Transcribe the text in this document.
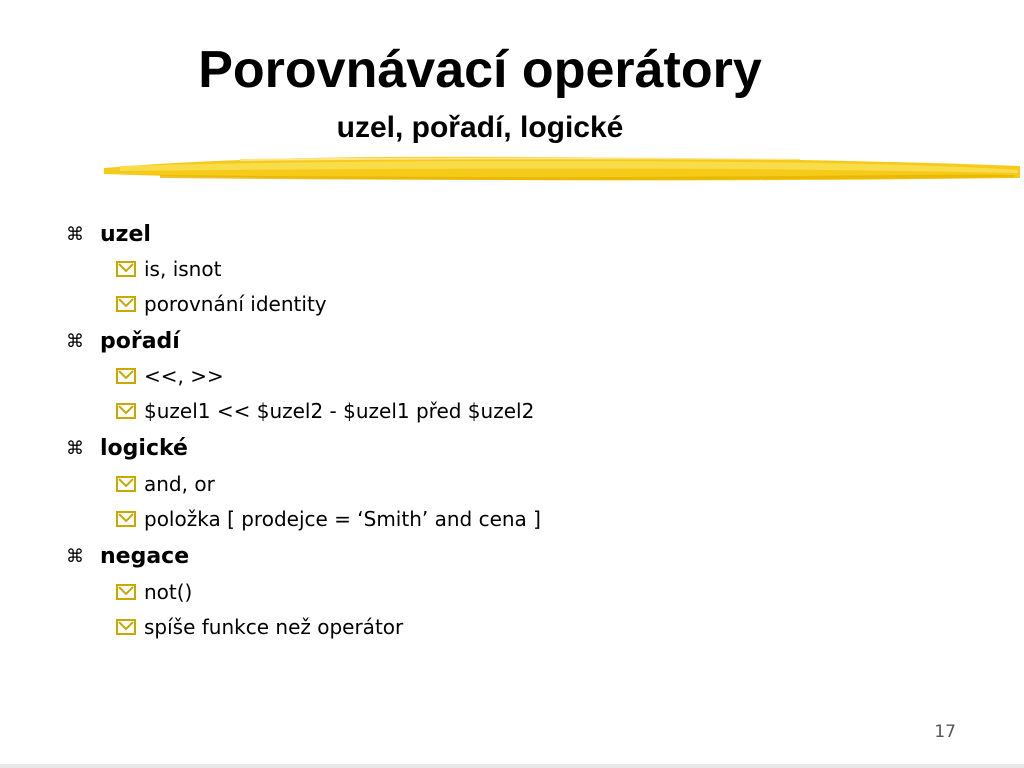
Porovnávací operátory
uzel, pořadí, logické
⌘ uzel
is, isnot
porovnání identity
⌘ pořadí
<<, >>
$uzel1 << $uzel2 - $uzel1 před $uzel2
⌘ logické
and, or
položka [ prodejce = ‘Smith’ and cena ]
⌘ negace
not()
spíše funkce než operátor
17
